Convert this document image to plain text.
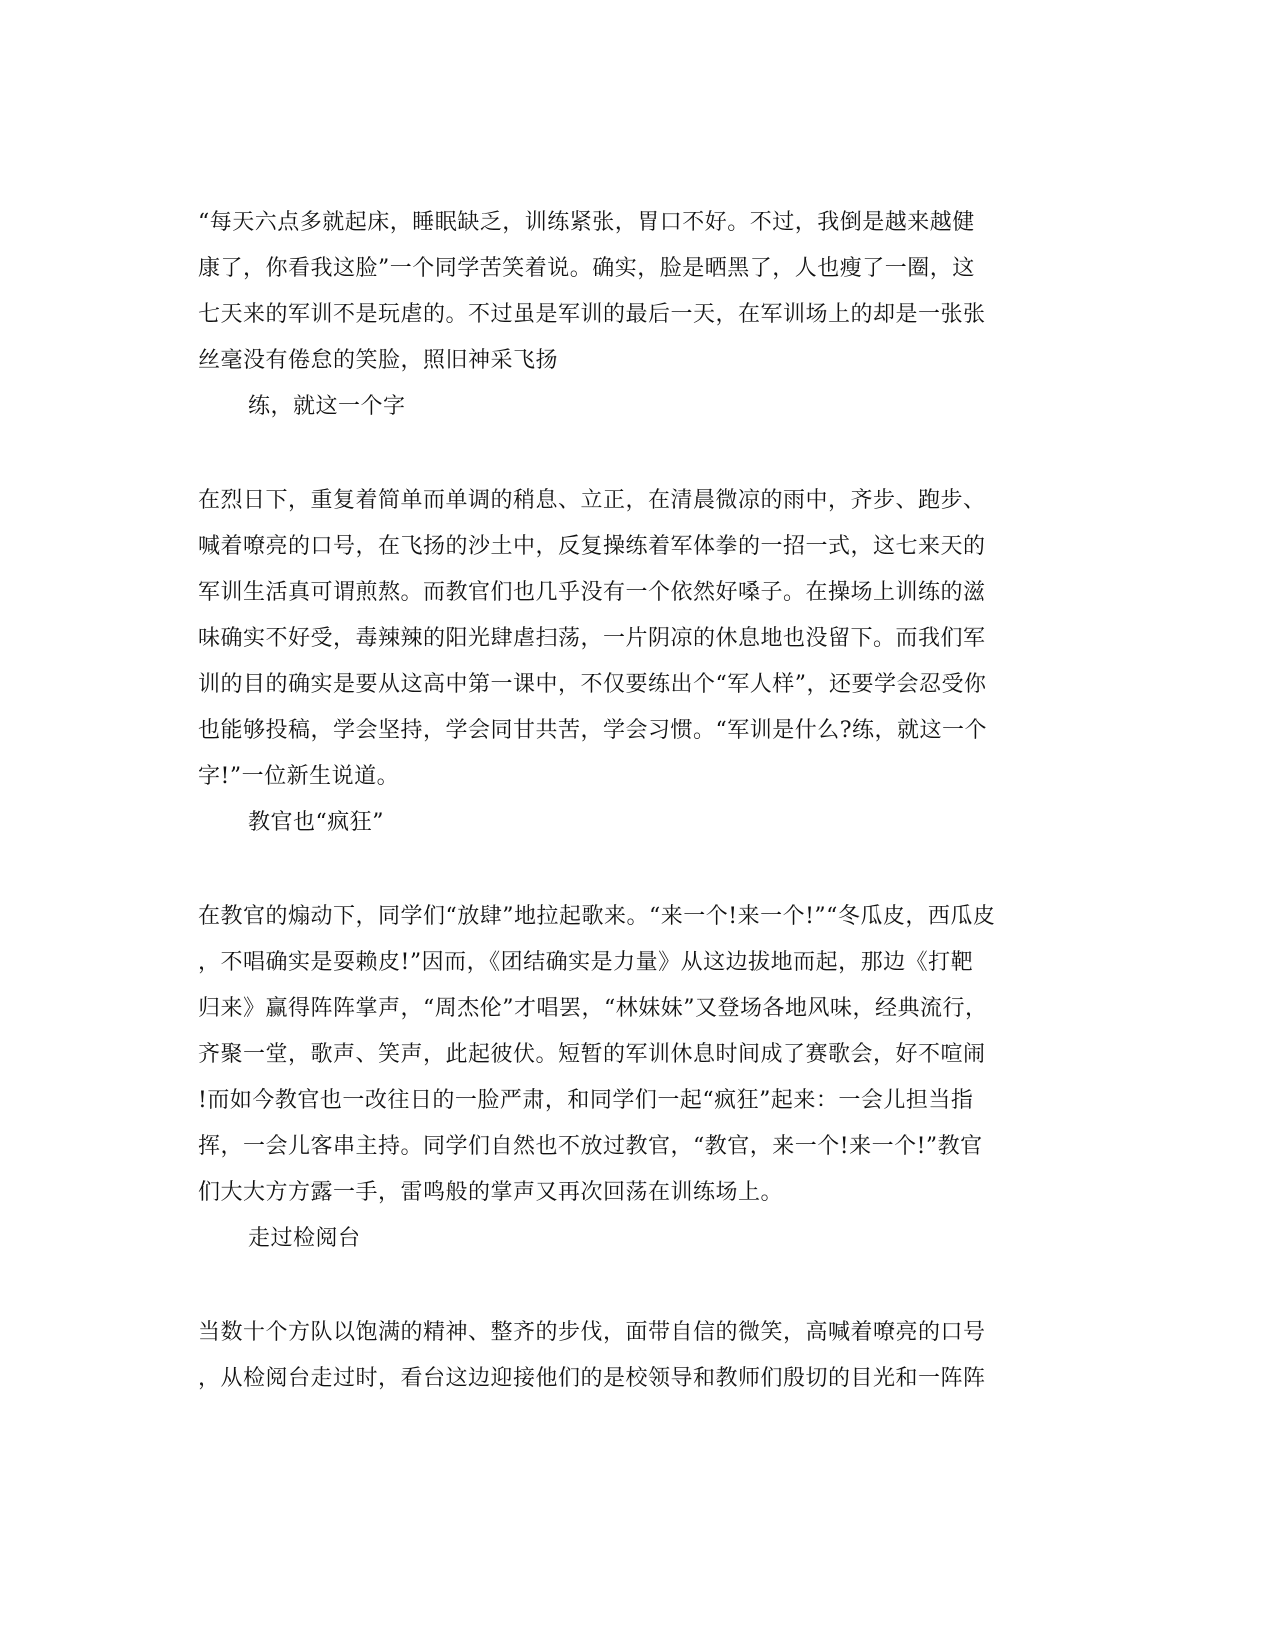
“每天六点多就起床，睡眠缺乏，训练紧张，胃口不好。不过，我倒是越来越健
康了，你看我这脸”一个同学苦笑着说。确实，脸是晒黑了，人也瘦了一圈，这
七天来的军训不是玩虐的。不过虽是军训的最后一天，在军训场上的却是一张张
丝毫没有倦怠的笑脸，照旧神采飞扬
练，就这一个字
在烈日下，重复着简单而单调的稍息、立正，在清晨微凉的雨中，齐步、跑步、
喊着嘹亮的口号，在飞扬的沙土中，反复操练着军体拳的一招一式，这七来天的
军训生活真可谓煎熬。而教官们也几乎没有一个依然好嗓子。在操场上训练的滋
味确实不好受，毒辣辣的阳光肆虐扫荡，一片阴凉的休息地也没留下。而我们军
训的目的确实是要从这高中第一课中，不仅要练出个“军人样”，还要学会忍受你
也能够投稿，学会坚持，学会同甘共苦，学会习惯。“军训是什么?练，就这一个
字!”一位新生说道。
教官也“疯狂”
在教官的煽动下，同学们“放肆”地拉起歌来。“来一个!来一个!”“冬瓜皮，西瓜皮
，不唱确实是耍赖皮!”因而，《团结确实是力量》从这边拔地而起，那边《打靶
归来》赢得阵阵掌声，“周杰伦”才唱罢，“林妹妹”又登场各地风味，经典流行，
齐聚一堂，歌声、笑声，此起彼伏。短暂的军训休息时间成了赛歌会，好不喧闹
!而如今教官也一改往日的一脸严肃，和同学们一起“疯狂”起来：一会儿担当指
挥，一会儿客串主持。同学们自然也不放过教官，“教官，来一个!来一个!”教官
们大大方方露一手，雷鸣般的掌声又再次回荡在训练场上。
走过检阅台
当数十个方队以饱满的精神、整齐的步伐，面带自信的微笑，高喊着嘹亮的口号
，从检阅台走过时，看台这边迎接他们的是校领导和教师们殷切的目光和一阵阵
